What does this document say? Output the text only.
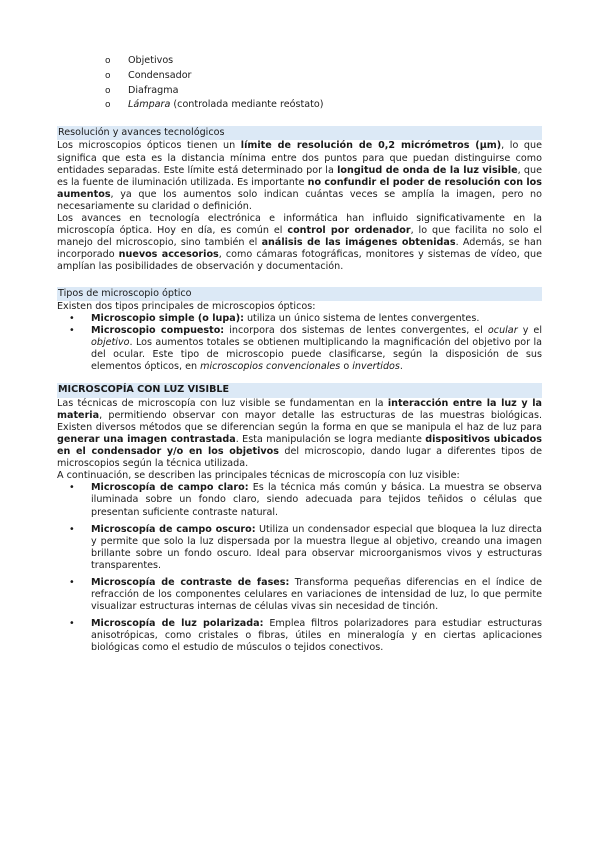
o Objetivos
o Condensador
o Diafragma
o Lámpara (controlada mediante reóstato)
Resolución y avances tecnológicos

Los microscopios ópticos tienen un límite de resolución de 0,2 micrómetros (µm), lo que significa que esta es la distancia mínima entre dos puntos para que puedan distinguirse como entidades separadas. Este límite está determinado por la longitud de onda de la luz visible, que es la fuente de iluminación utilizada. Es importante no confundir el poder de resolución con los aumentos, ya que los aumentos solo indican cuántas veces se amplía la imagen, pero no necesariamente su claridad o definición.

Los avances en tecnología electrónica e informática han influido significativamente en la microscopía óptica. Hoy en día, es común el control por ordenador, lo que facilita no solo el manejo del microscopio, sino también el análisis de las imágenes obtenidas. Además, se han incorporado nuevos accesorios, como cámaras fotográficas, monitores y sistemas de vídeo, que amplían las posibilidades de observación y documentación.

Tipos de microscopio óptico

Existen dos tipos principales de microscopios ópticos:

• Microscopio simple (o lupa): utiliza un único sistema de lentes convergentes.
• Microscopio compuesto: incorpora dos sistemas de lentes convergentes, el ocular y el objetivo. Los aumentos totales se obtienen multiplicando la magnificación del objetivo por la del ocular. Este tipo de microscopio puede clasificarse, según la disposición de sus elementos ópticos, en microscopios convencionales o invertidos.
MICROSCOPÍA CON LUZ VISIBLE

Las técnicas de microscopía con luz visible se fundamentan en la interacción entre la luz y la materia, permitiendo observar con mayor detalle las estructuras de las muestras biológicas. Existen diversos métodos que se diferencian según la forma en que se manipula el haz de luz para generar una imagen contrastada. Esta manipulación se logra mediante dispositivos ubicados en el condensador y/o en los objetivos del microscopio, dando lugar a diferentes tipos de microscopios según la técnica utilizada.

A continuación, se describen las principales técnicas de microscopía con luz visible:

• Microscopía de campo claro: Es la técnica más común y básica. La muestra se observa iluminada sobre un fondo claro, siendo adecuada para tejidos teñidos o células que presentan suficiente contraste natural.
• Microscopía de campo oscuro: Utiliza un condensador especial que bloquea la luz directa y permite que solo la luz dispersada por la muestra llegue al objetivo, creando una imagen brillante sobre un fondo oscuro. Ideal para observar microorganismos vivos y estructuras transparentes.
• Microscopía de contraste de fases: Transforma pequeñas diferencias en el índice de refracción de los componentes celulares en variaciones de intensidad de luz, lo que permite visualizar estructuras internas de células vivas sin necesidad de tinción.
• Microscopía de luz polarizada: Emplea filtros polarizadores para estudiar estructuras anisotrópicas, como cristales o fibras, útiles en mineralogía y en ciertas aplicaciones biológicas como el estudio de músculos o tejidos conectivos.
